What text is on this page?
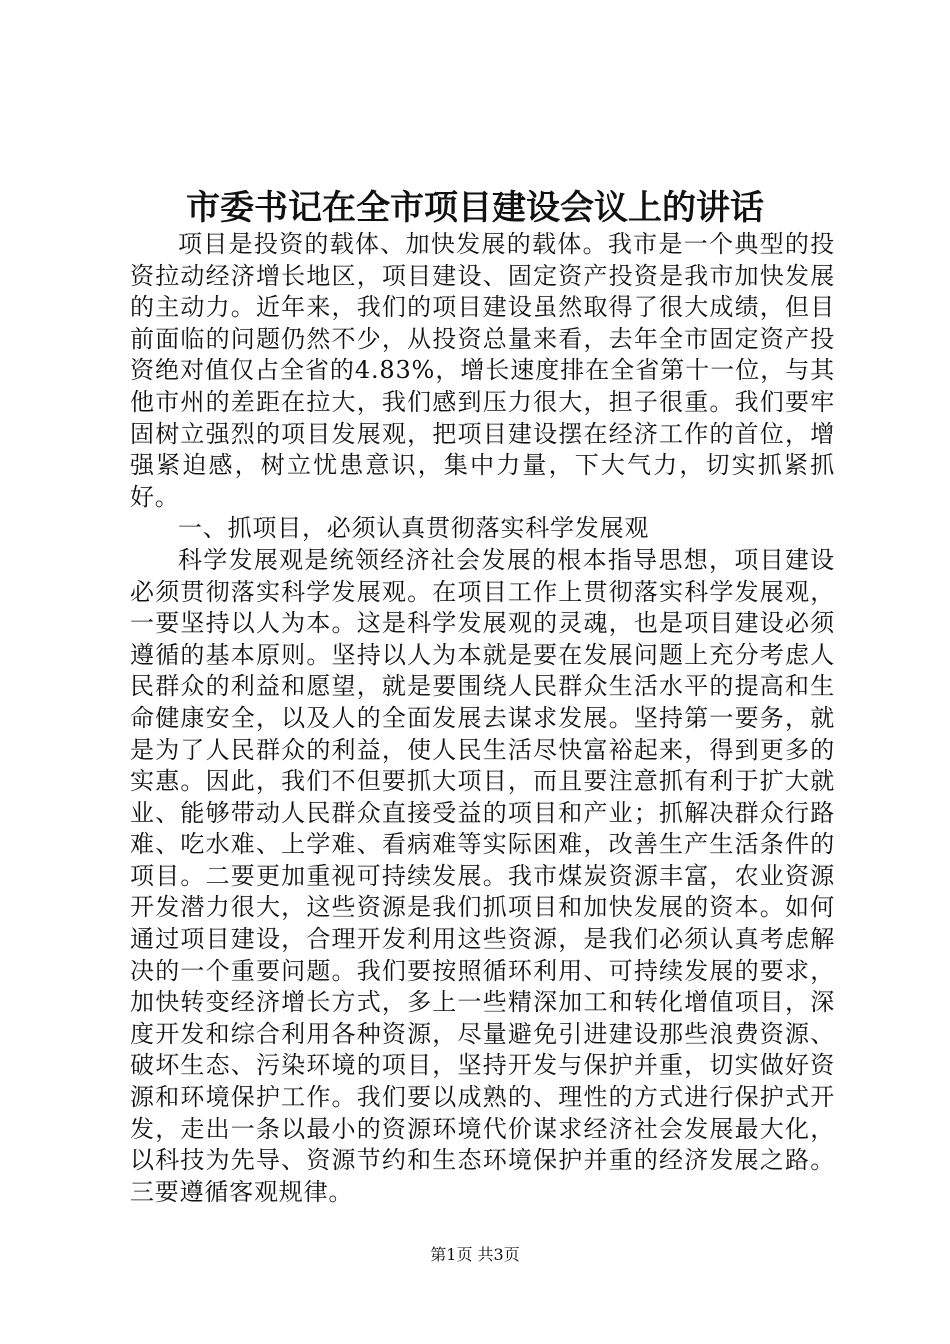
市委书记在全市项目建设会议上的讲话

项目是投资的载体、加快发展的载体。我市是一个典型的投资拉动经济增长地区，项目建设、固定资产投资是我市加快发展的主动力。近年来，我们的项目建设虽然取得了很大成绩，但目前面临的问题仍然不少，从投资总量来看，去年全市固定资产投资绝对值仅占全省的4.83%，增长速度排在全省第十一位，与其他市州的差距在拉大，我们感到压力很大，担子很重。我们要牢固树立强烈的项目发展观，把项目建设摆在经济工作的首位，增强紧迫感，树立忧患意识，集中力量，下大气力，切实抓紧抓好。

一、抓项目，必须认真贯彻落实科学发展观

科学发展观是统领经济社会发展的根本指导思想，项目建设必须贯彻落实科学发展观。在项目工作上贯彻落实科学发展观，一要坚持以人为本。这是科学发展观的灵魂，也是项目建设必须遵循的基本原则。坚持以人为本就是要在发展问题上充分考虑人民群众的利益和愿望，就是要围绕人民群众生活水平的提高和生命健康安全，以及人的全面发展去谋求发展。坚持第一要务，就是为了人民群众的利益，使人民生活尽快富裕起来，得到更多的实惠。因此，我们不但要抓大项目，而且要注意抓有利于扩大就业、能够带动人民群众直接受益的项目和产业；抓解决群众行路难、吃水难、上学难、看病难等实际困难，改善生产生活条件的项目。二要更加重视可持续发展。我市煤炭资源丰富，农业资源开发潜力很大，这些资源是我们抓项目和加快发展的资本。如何通过项目建设，合理开发利用这些资源，是我们必须认真考虑解决的一个重要问题。我们要按照循环利用、可持续发展的要求，加快转变经济增长方式，多上一些精深加工和转化增值项目，深度开发和综合利用各种资源，尽量避免引进建设那些浪费资源、破坏生态、污染环境的项目，坚持开发与保护并重，切实做好资源和环境保护工作。我们要以成熟的、理性的方式进行保护式开发，走出一条以最小的资源环境代价谋求经济社会发展最大化，以科技为先导、资源节约和生态环境保护并重的经济发展之路。三要遵循客观规律。

第1页 共3页
